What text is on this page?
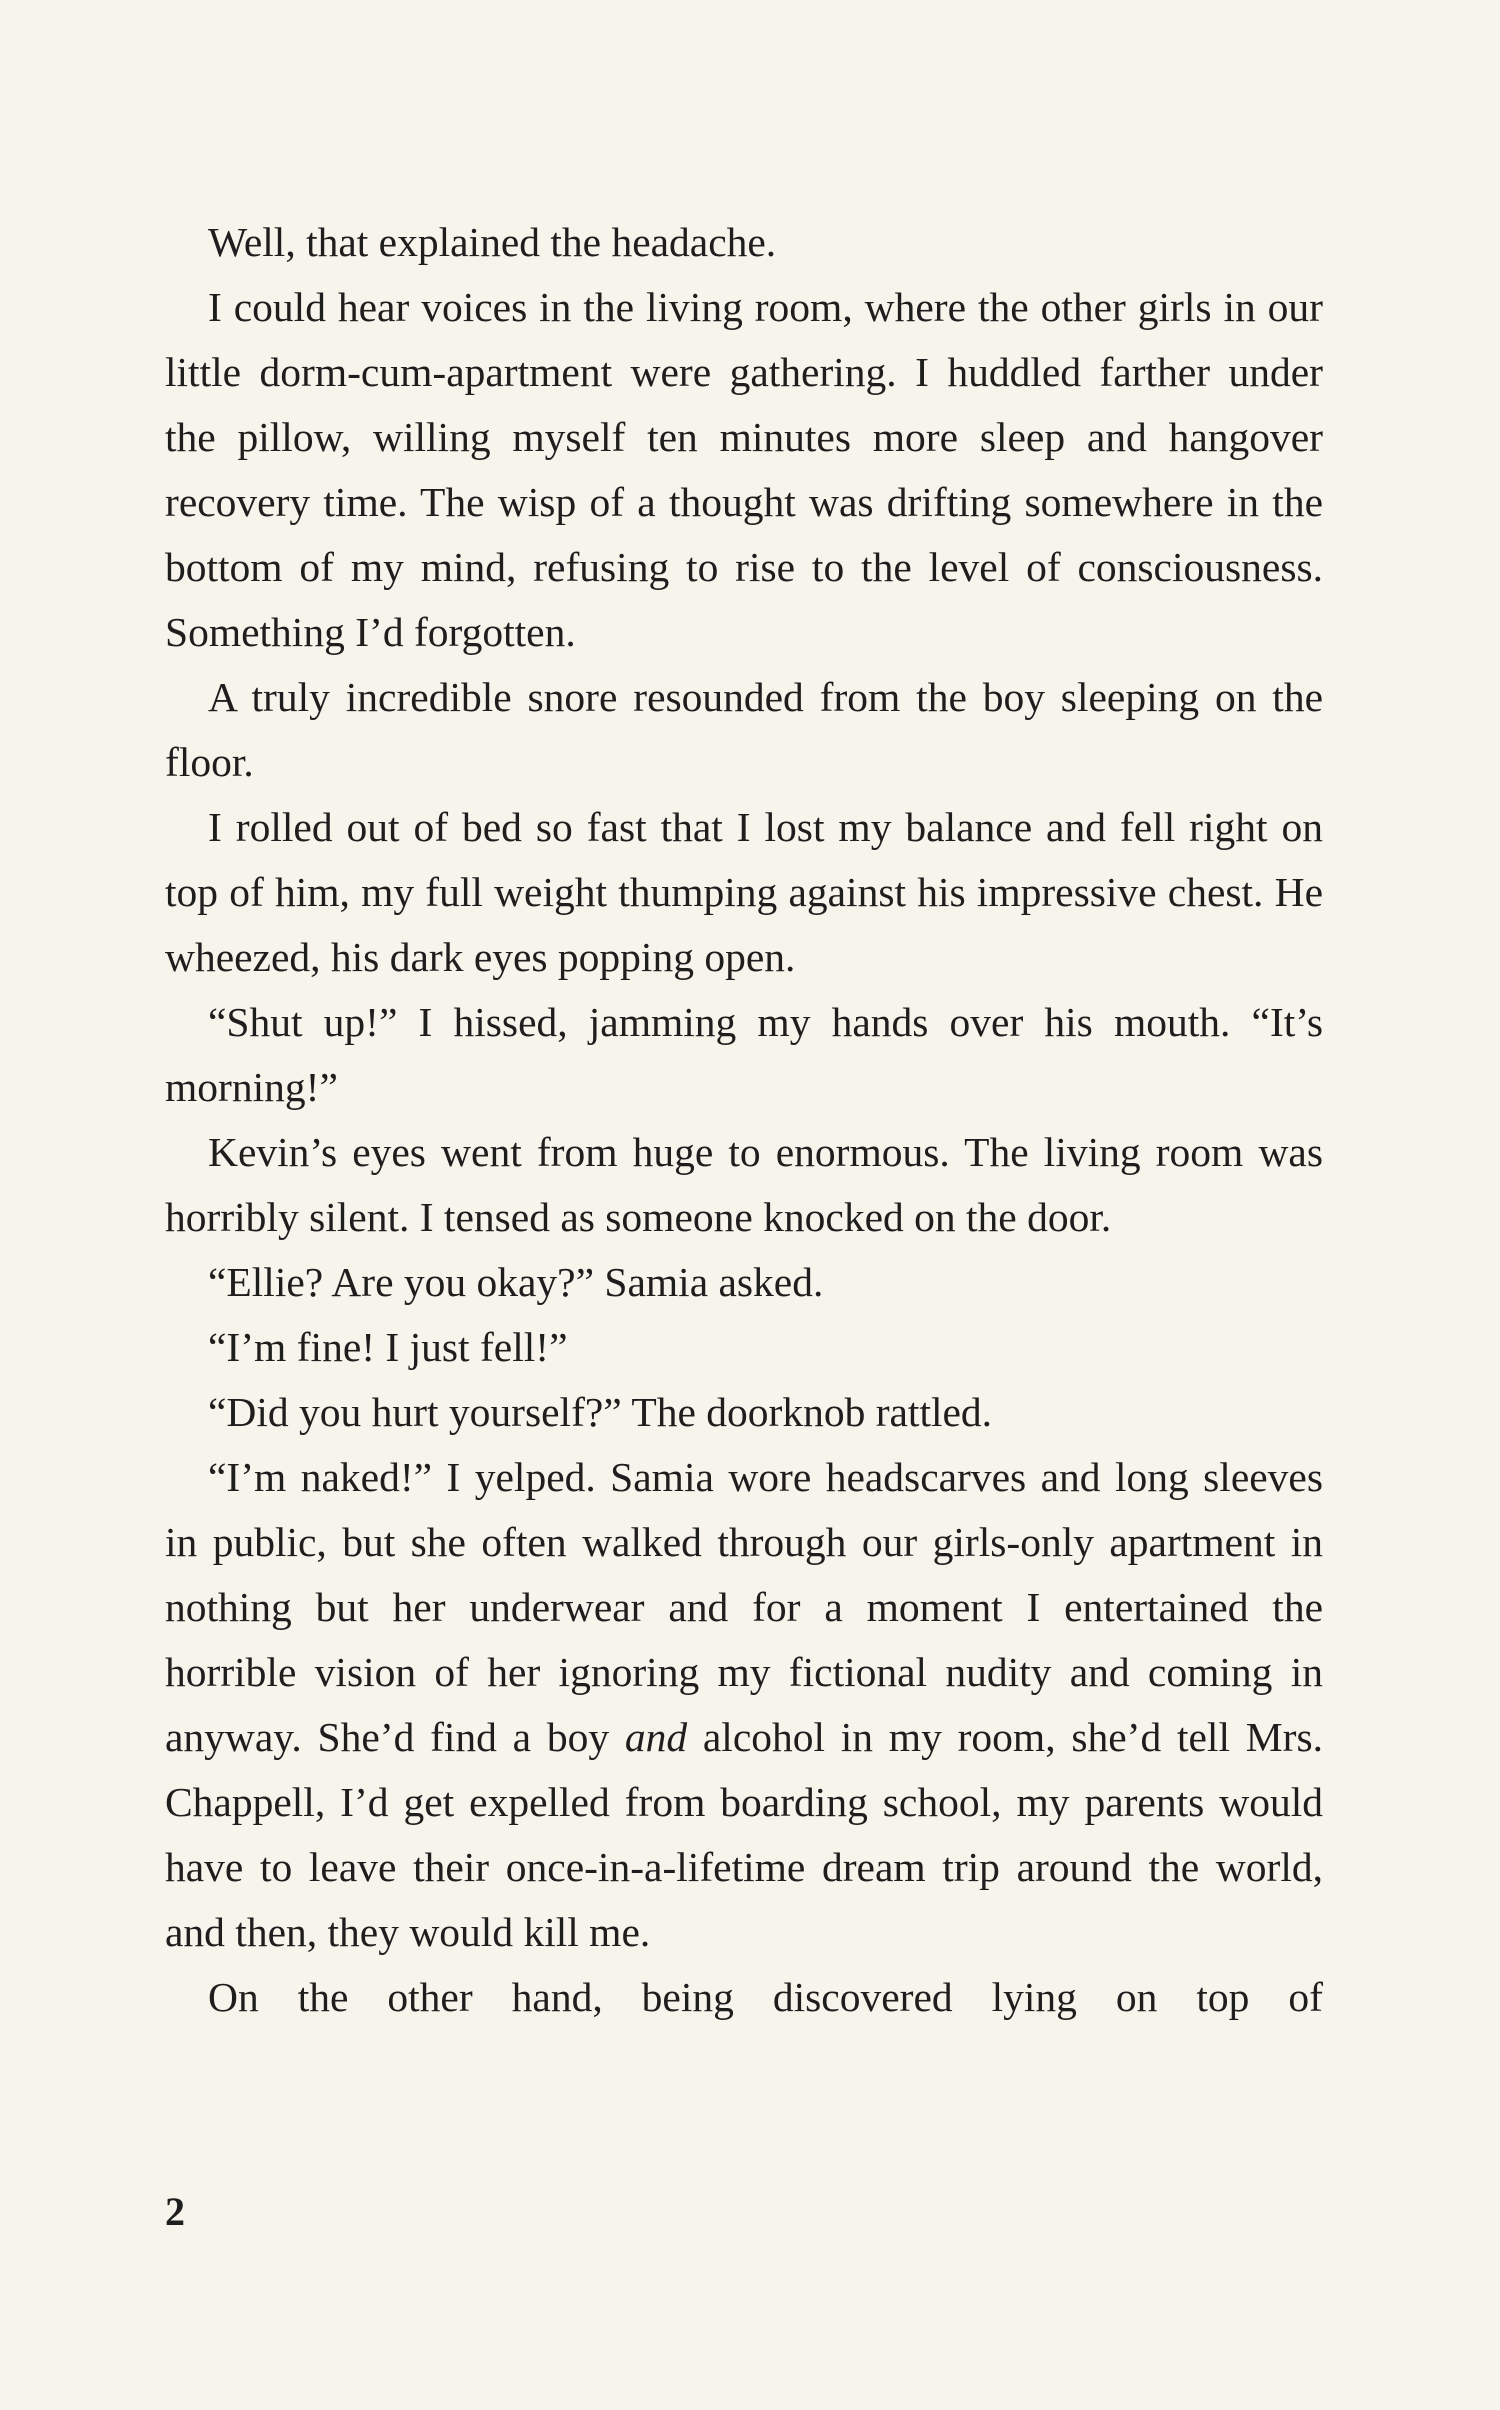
Well, that explained the headache.

I could hear voices in the living room, where the other girls in our little dorm-cum-apartment were gathering. I huddled farther under the pillow, willing myself ten minutes more sleep and hangover recovery time. The wisp of a thought was drifting somewhere in the bottom of my mind, refusing to rise to the level of consciousness. Something I’d forgotten.

A truly incredible snore resounded from the boy sleeping on the floor.

I rolled out of bed so fast that I lost my balance and fell right on top of him, my full weight thumping against his impressive chest. He wheezed, his dark eyes popping open.

“Shut up!” I hissed, jamming my hands over his mouth. “It’s morning!”

Kevin’s eyes went from huge to enormous. The living room was horribly silent. I tensed as someone knocked on the door.

“Ellie? Are you okay?” Samia asked.

“I’m fine! I just fell!”

“Did you hurt yourself?” The doorknob rattled.

“I’m naked!” I yelped. Samia wore headscarves and long sleeves in public, but she often walked through our girls-only apartment in nothing but her underwear and for a moment I entertained the horrible vision of her ignoring my fictional nudity and coming in anyway. She’d find a boy and alcohol in my room, she’d tell Mrs. Chappell, I’d get expelled from boarding school, my parents would have to leave their once-in-a-lifetime dream trip around the world, and then, they would kill me.

On the other hand, being discovered lying on top of

2
